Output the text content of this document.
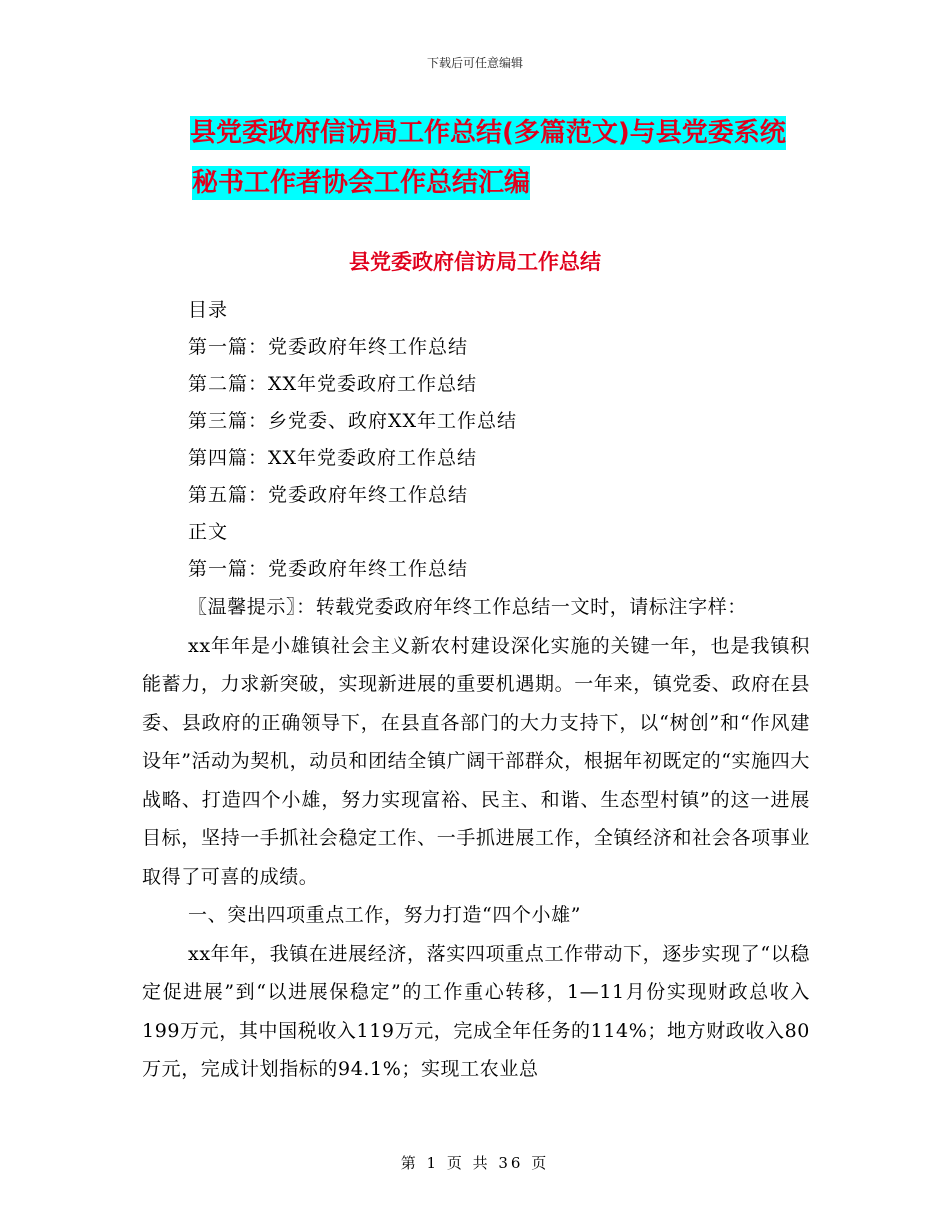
下载后可任意编辑
县党委政府信访局工作总结(多篇范文)与县党委系统
秘书工作者协会工作总结汇编
县党委政府信访局工作总结
目录
第一篇：党委政府年终工作总结
第二篇：XX年党委政府工作总结
第三篇：乡党委、政府XX年工作总结
第四篇：XX年党委政府工作总结
第五篇：党委政府年终工作总结
正文
第一篇：党委政府年终工作总结

〖温馨提示〗：转载党委政府年终工作总结一文时，请标注字样：

xx年年是小雄镇社会主义新农村建设深化实施的关键一年，也是我镇积能蓄力，力求新突破，实现新进展的重要机遇期。一年来，镇党委、政府在县委、县政府的正确领导下，在县直各部门的大力支持下，以“树创”和“作风建设年”活动为契机，动员和团结全镇广阔干部群众，根据年初既定的“实施四大战略、打造四个小雄，努力实现富裕、民主、和谐、生态型村镇”的这一进展目标，坚持一手抓社会稳定工作、一手抓进展工作，全镇经济和社会各项事业取得了可喜的成绩。

一、突出四项重点工作，努力打造“四个小雄”

xx年年，我镇在进展经济，落实四项重点工作带动下，逐步实现了“以稳定促进展”到“以进展保稳定”的工作重心转移，1—11月份实现财政总收入199万元，其中国税收入119万元，完成全年任务的114%；地方财政收入80万元，完成计划指标的94.1%；实现工农业总

第 1 页 共 36 页
